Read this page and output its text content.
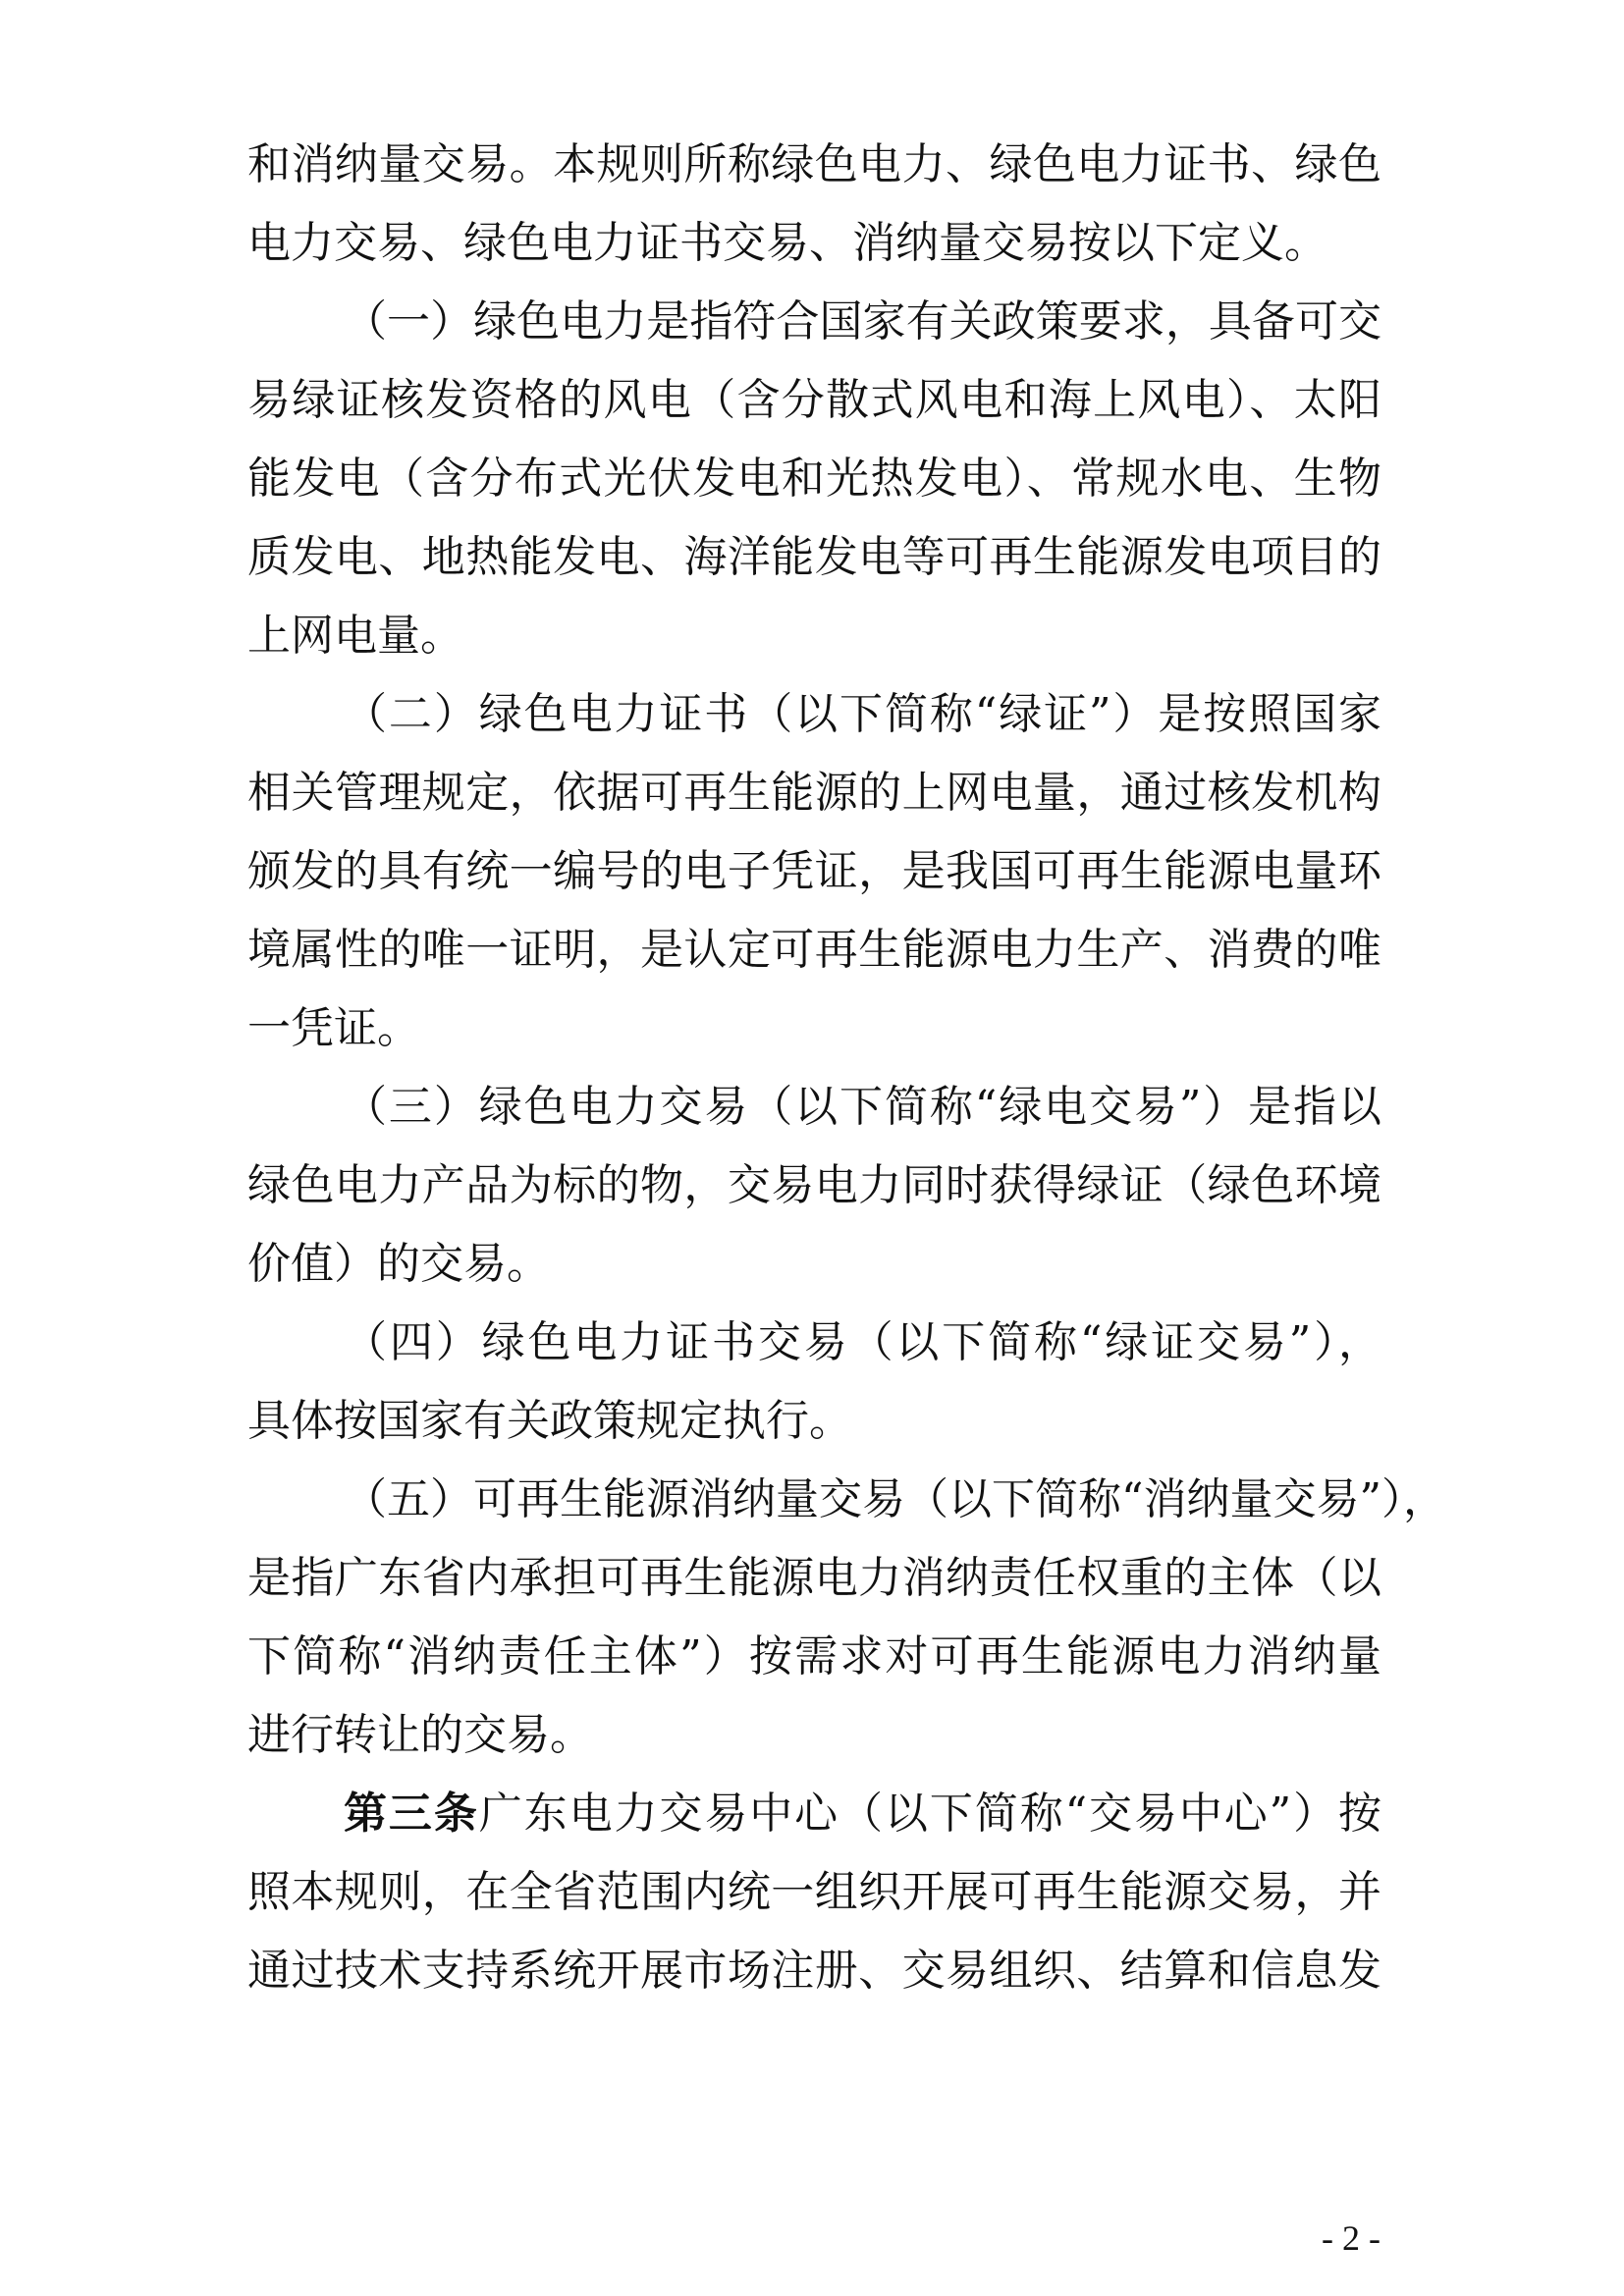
和消纳量交易。本规则所称绿色电力、绿色电力证书、绿色
电力交易、绿色电力证书交易、消纳量交易按以下定义。
（一）绿色电力是指符合国家有关政策要求，具备可交
易绿证核发资格的风电（含分散式风电和海上风电）、太阳
能发电（含分布式光伏发电和光热发电）、常规水电、生物
质发电、地热能发电、海洋能发电等可再生能源发电项目的
上网电量。
（二）绿色电力证书（以下简称“绿证”）是按照国家
相关管理规定，依据可再生能源的上网电量，通过核发机构
颁发的具有统一编号的电子凭证，是我国可再生能源电量环
境属性的唯一证明，是认定可再生能源电力生产、消费的唯
一凭证。
（三）绿色电力交易（以下简称“绿电交易”）是指以
绿色电力产品为标的物，交易电力同时获得绿证（绿色环境
价值）的交易。
（四）绿色电力证书交易（以下简称“绿证交易”），
具体按国家有关政策规定执行。
（五）可再生能源消纳量交易（以下简称“消纳量交易”），
是指广东省内承担可再生能源电力消纳责任权重的主体（以
下简称“消纳责任主体”）按需求对可再生能源电力消纳量
进行转让的交易。
第三条广东电力交易中心（以下简称“交易中心”）按
照本规则，在全省范围内统一组织开展可再生能源交易，并
通过技术支持系统开展市场注册、交易组织、结算和信息发
- 2 -
